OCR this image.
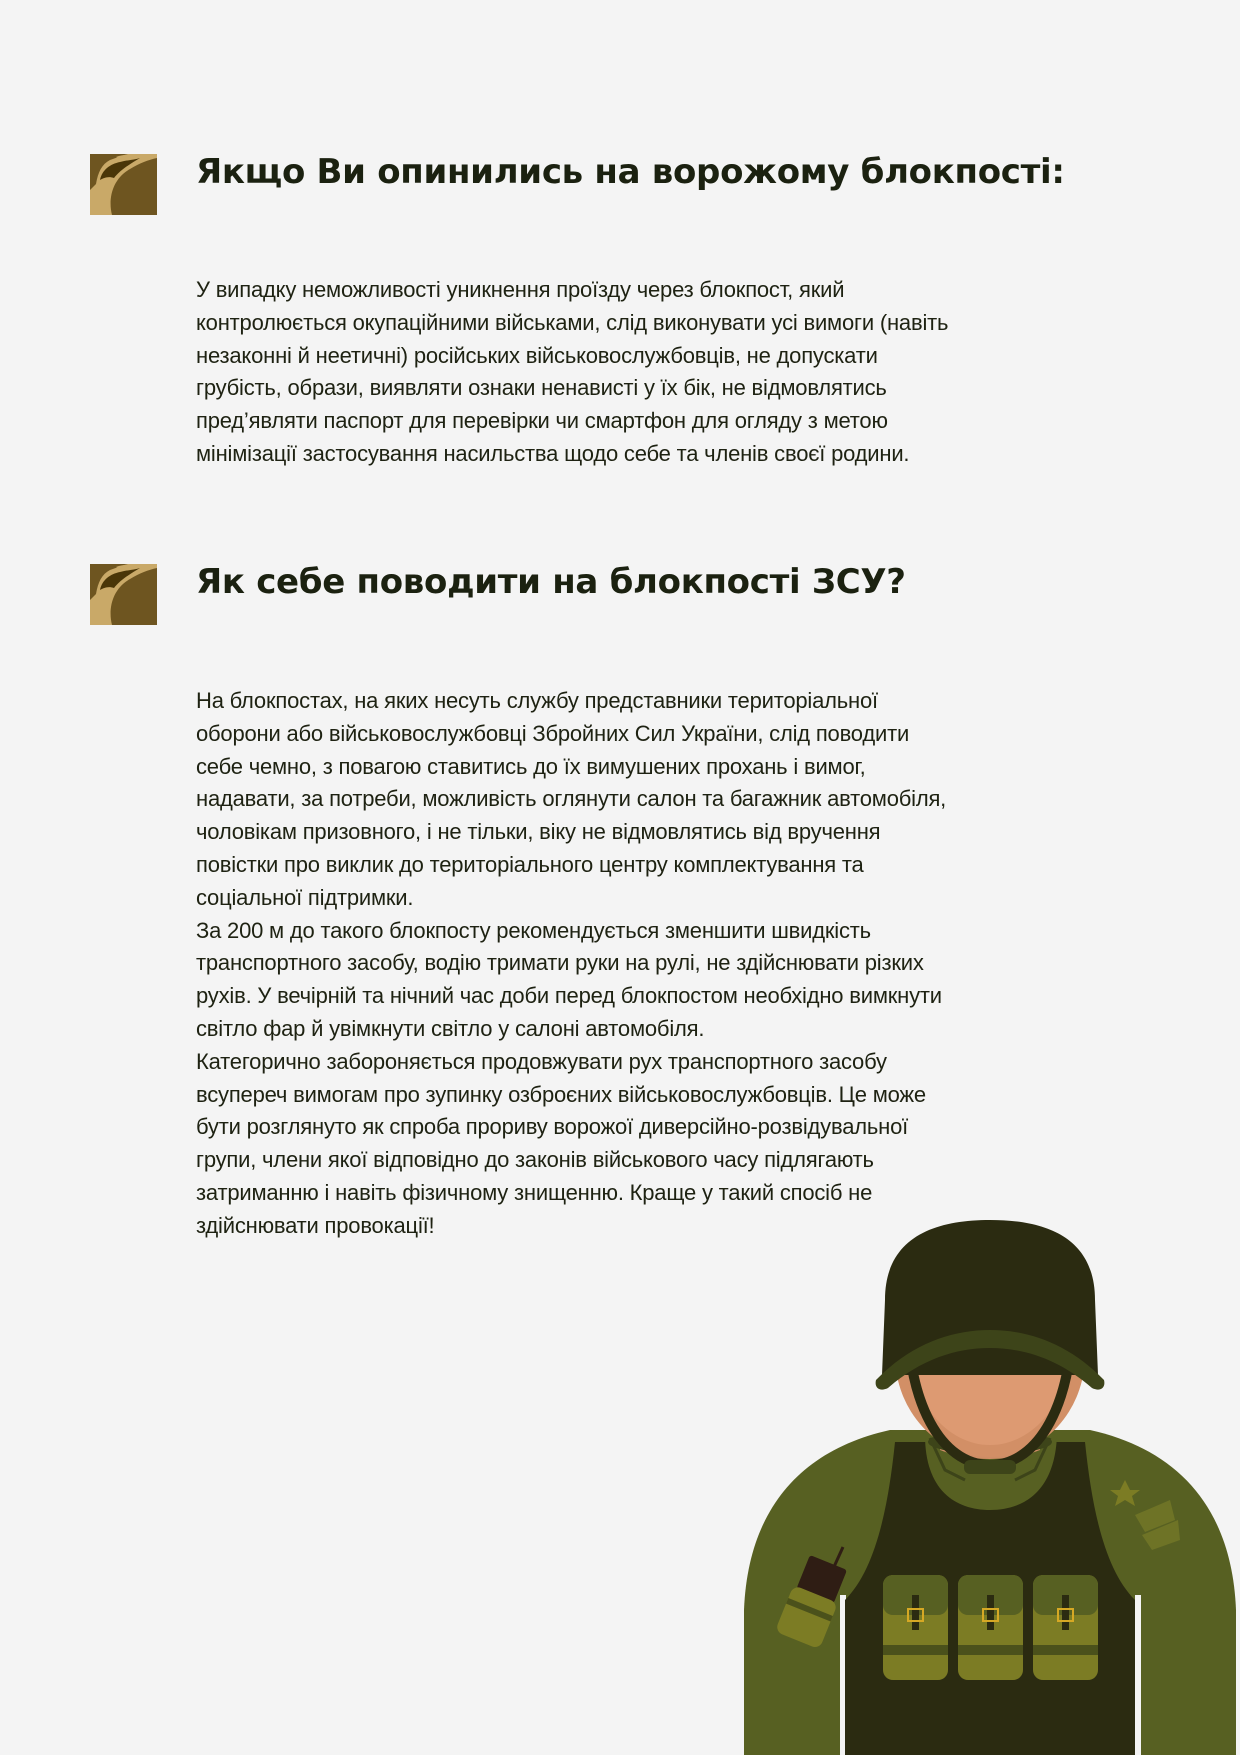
Якщо Ви опинились на ворожому блокпості:
У випадку неможливості уникнення проїзду через блокпост, який
контролюється окупаційними військами, слід виконувати усі вимоги (навіть
незаконні й неетичні) російських військовослужбовців, не допускати
грубість, образи, виявляти ознаки ненависті у їх бік, не відмовлятись
пред’являти паспорт для перевірки чи смартфон для огляду з метою
мінімізації застосування насильства щодо себе та членів своєї родини.
Як себе поводити на блокпості ЗСУ?
На блокпостах, на яких несуть службу представники територіальної
оборони або військовослужбовці Збройних Сил України, слід поводити
себе чемно, з повагою ставитись до їх вимушених прохань і вимог,
надавати, за потреби, можливість оглянути салон та багажник автомобіля,
чоловікам призовного, і не тільки, віку не відмовлятись від вручення
повістки про виклик до територіального центру комплектування та
соціальної підтримки.
За 200 м до такого блокпосту рекомендується зменшити швидкість
транспортного засобу, водію тримати руки на рулі, не здійснювати різких
рухів. У вечірній та нічний час доби перед блокпостом необхідно вимкнути
світло фар й увімкнути світло у салоні автомобіля.
Категорично забороняється продовжувати рух транспортного засобу
всупереч вимогам про зупинку озброєних військовослужбовців. Це може
бути розглянуто як спроба прориву ворожої диверсійно-розвідувальної
групи, члени якої відповідно до законів військового часу підлягають
затриманню і навіть фізичному знищенню. Краще у такий спосіб не
здійснювати провокації!
